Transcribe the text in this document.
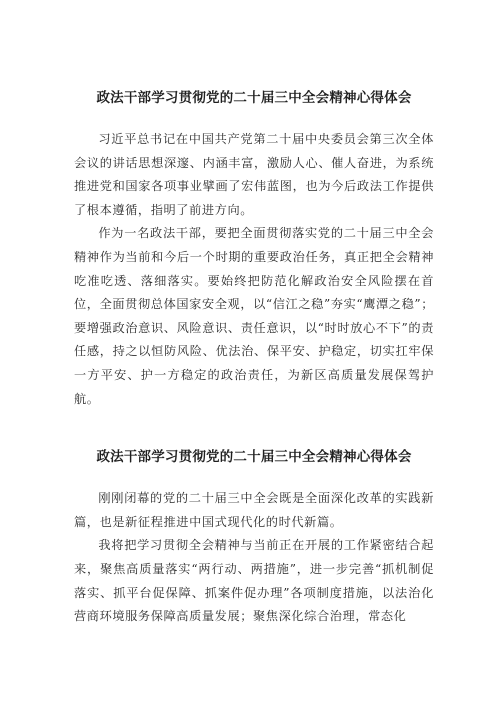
政法干部学习贯彻党的二十届三中全会精神心得体会

习近平总书记在中国共产党第二十届中央委员会第三次全体会议的讲话思想深邃、内涵丰富，激励人心、催人奋进，为系统推进党和国家各项事业擘画了宏伟蓝图，也为今后政法工作提供了根本遵循，指明了前进方向。

作为一名政法干部，要把全面贯彻落实党的二十届三中全会精神作为当前和今后一个时期的重要政治任务，真正把全会精神吃准吃透、落细落实。要始终把防范化解政治安全风险摆在首位，全面贯彻总体国家安全观，以“信江之稳”夯实“鹰潭之稳”；要增强政治意识、风险意识、责任意识，以“时时放心不下”的责任感，持之以恒防风险、优法治、保平安、护稳定，切实扛牢保一方平安、护一方稳定的政治责任，为新区高质量发展保驾护航。

政法干部学习贯彻党的二十届三中全会精神心得体会

刚刚闭幕的党的二十届三中全会既是全面深化改革的实践新篇，也是新征程推进中国式现代化的时代新篇。

我将把学习贯彻全会精神与当前正在开展的工作紧密结合起来，聚焦高质量落实“两行动、两措施”，进一步完善“抓机制促落实、抓平台促保障、抓案件促办理”各项制度措施，以法治化营商环境服务保障高质量发展；聚焦深化综合治理，常态化
